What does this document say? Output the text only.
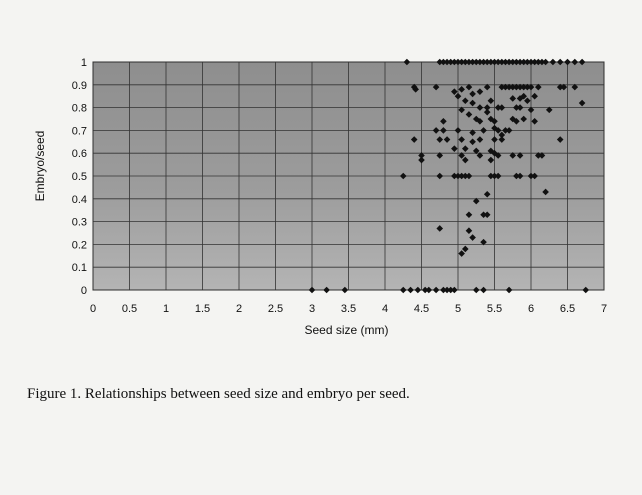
0 0.5 1 1.5 2 2.5 3 3.5 4 4.5 5 5.5 6 6.5 7
0
0.1
0.2
0.3
0.4
0.5
0.6
0.7
0.8
0.9
1
Seed size (mm)
Embryo/seed
Figure 1. Relationships between seed size and embryo per seed.
